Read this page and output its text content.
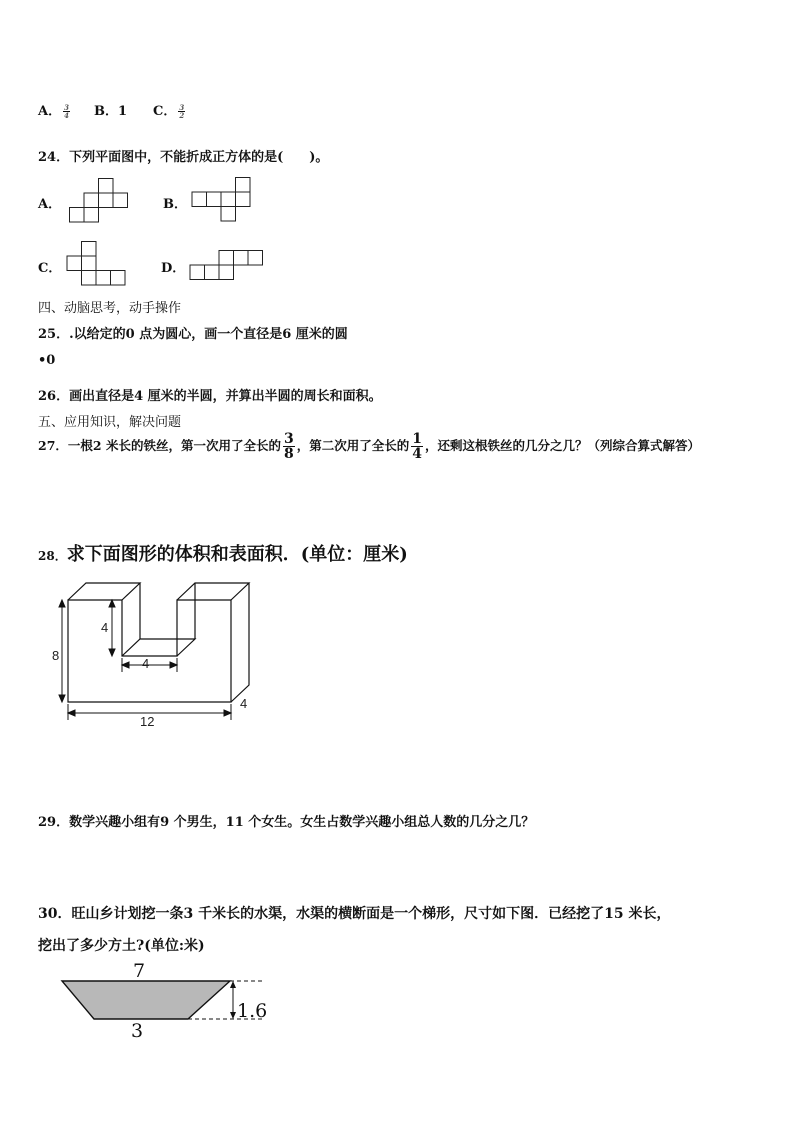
A． $\frac{3}{4}$ B．1 C． $\frac{3}{2}$
24．下列平面图中，不能折成正方体的是(　　)。
A．	B．
C．	D．
四、动脑思考，动手操作
25．.以给定的0 点为圆心，画一个直径是6 厘米的圆
•0
26．画出直径是4 厘米的半圆，并算出半圆的周长和面积。
五、应用知识，解决问题
27．一根2 米长的铁丝，第一次用了全长的 $\frac{3}{8}$ ，第二次用了全长的 $\frac{1}{4}$ ，还剩这根铁丝的几分之几？（列综合算式解答）
28．求下面图形的体积和表面积．(单位：厘米)
8
4
4
12
4
29．数学兴趣小组有9 个男生，11 个女生。女生占数学兴趣小组总人数的几分之几？
30．旺山乡计划挖一条3 千米长的水渠，水渠的横断面是一个梯形，尺寸如下图．已经挖了15 米长，
挖出了多少方土?(单位:米)
7
3
1.6
